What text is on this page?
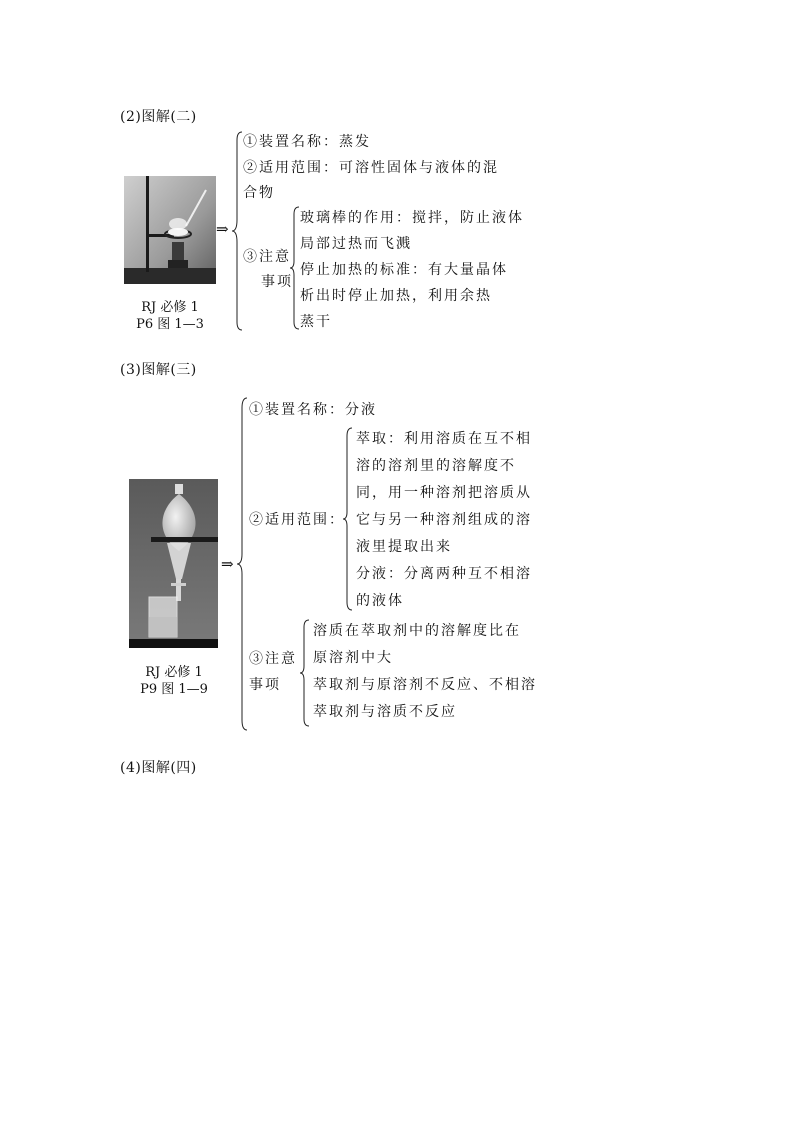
(2)图解(二)
(3)图解(三)
(4)图解(四)
RJ 必修 1
P6 图 1—3
⇒
①装置名称：蒸发
②适用范围：可溶性固体与液体的混
合物
③注意
事项
玻璃棒的作用：搅拌，防止液体
局部过热而飞溅
停止加热的标准：有大量晶体
析出时停止加热，利用余热
蒸干
RJ 必修 1
P9 图 1—9
⇒
①装置名称：分液
②适用范围：
萃取：利用溶质在互不相
溶的溶剂里的溶解度不
同，用一种溶剂把溶质从
它与另一种溶剂组成的溶
液里提取出来
分液：分离两种互不相溶
的液体
③注意
事项
溶质在萃取剂中的溶解度比在
原溶剂中大
萃取剂与原溶剂不反应、不相溶
萃取剂与溶质不反应
